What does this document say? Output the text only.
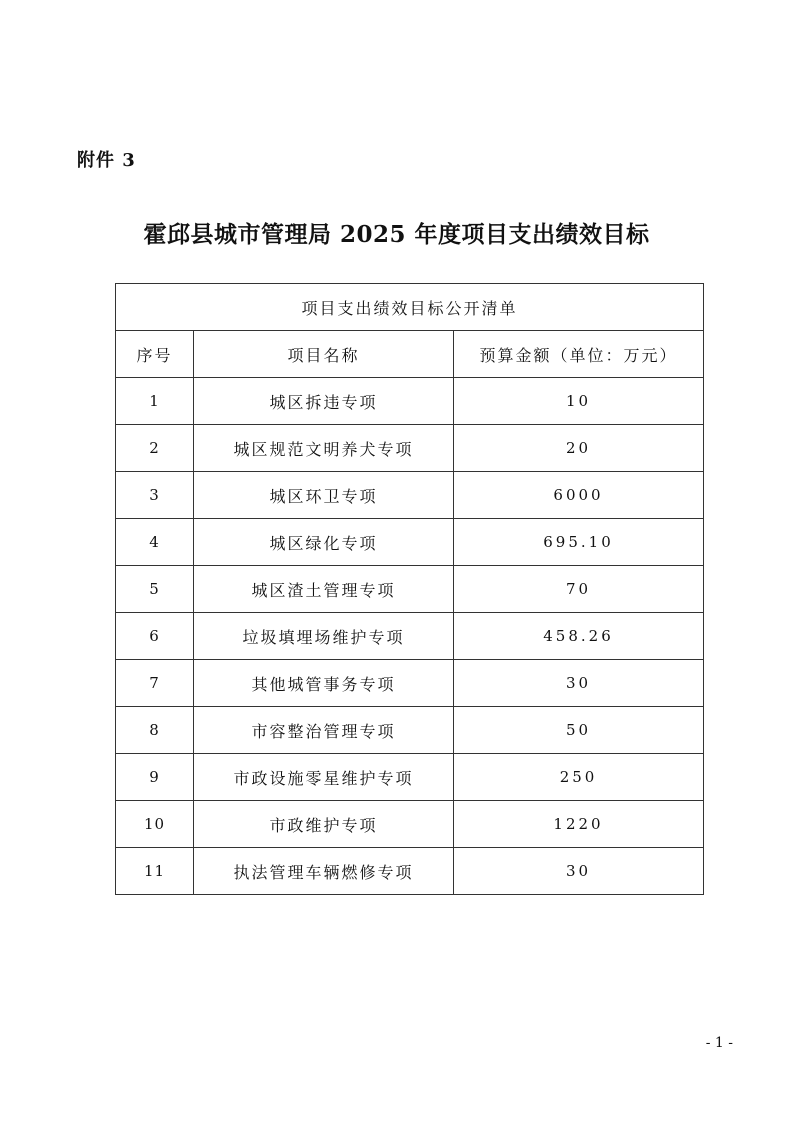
附件 3
霍邱县城市管理局 2025 年度项目支出绩效目标
项目支出绩效目标公开清单		
序号	项目名称	预算金额（单位：万元）
1	城区拆违专项	10
2	城区规范文明养犬专项	20
3	城区环卫专项	6000
4	城区绿化专项	695.10
5	城区渣土管理专项	70
6	垃圾填埋场维护专项	458.26
7	其他城管事务专项	30
8	市容整治管理专项	50
9	市政设施零星维护专项	250
10	市政维护专项	1220
11	执法管理车辆燃修专项	30
- 1 -
